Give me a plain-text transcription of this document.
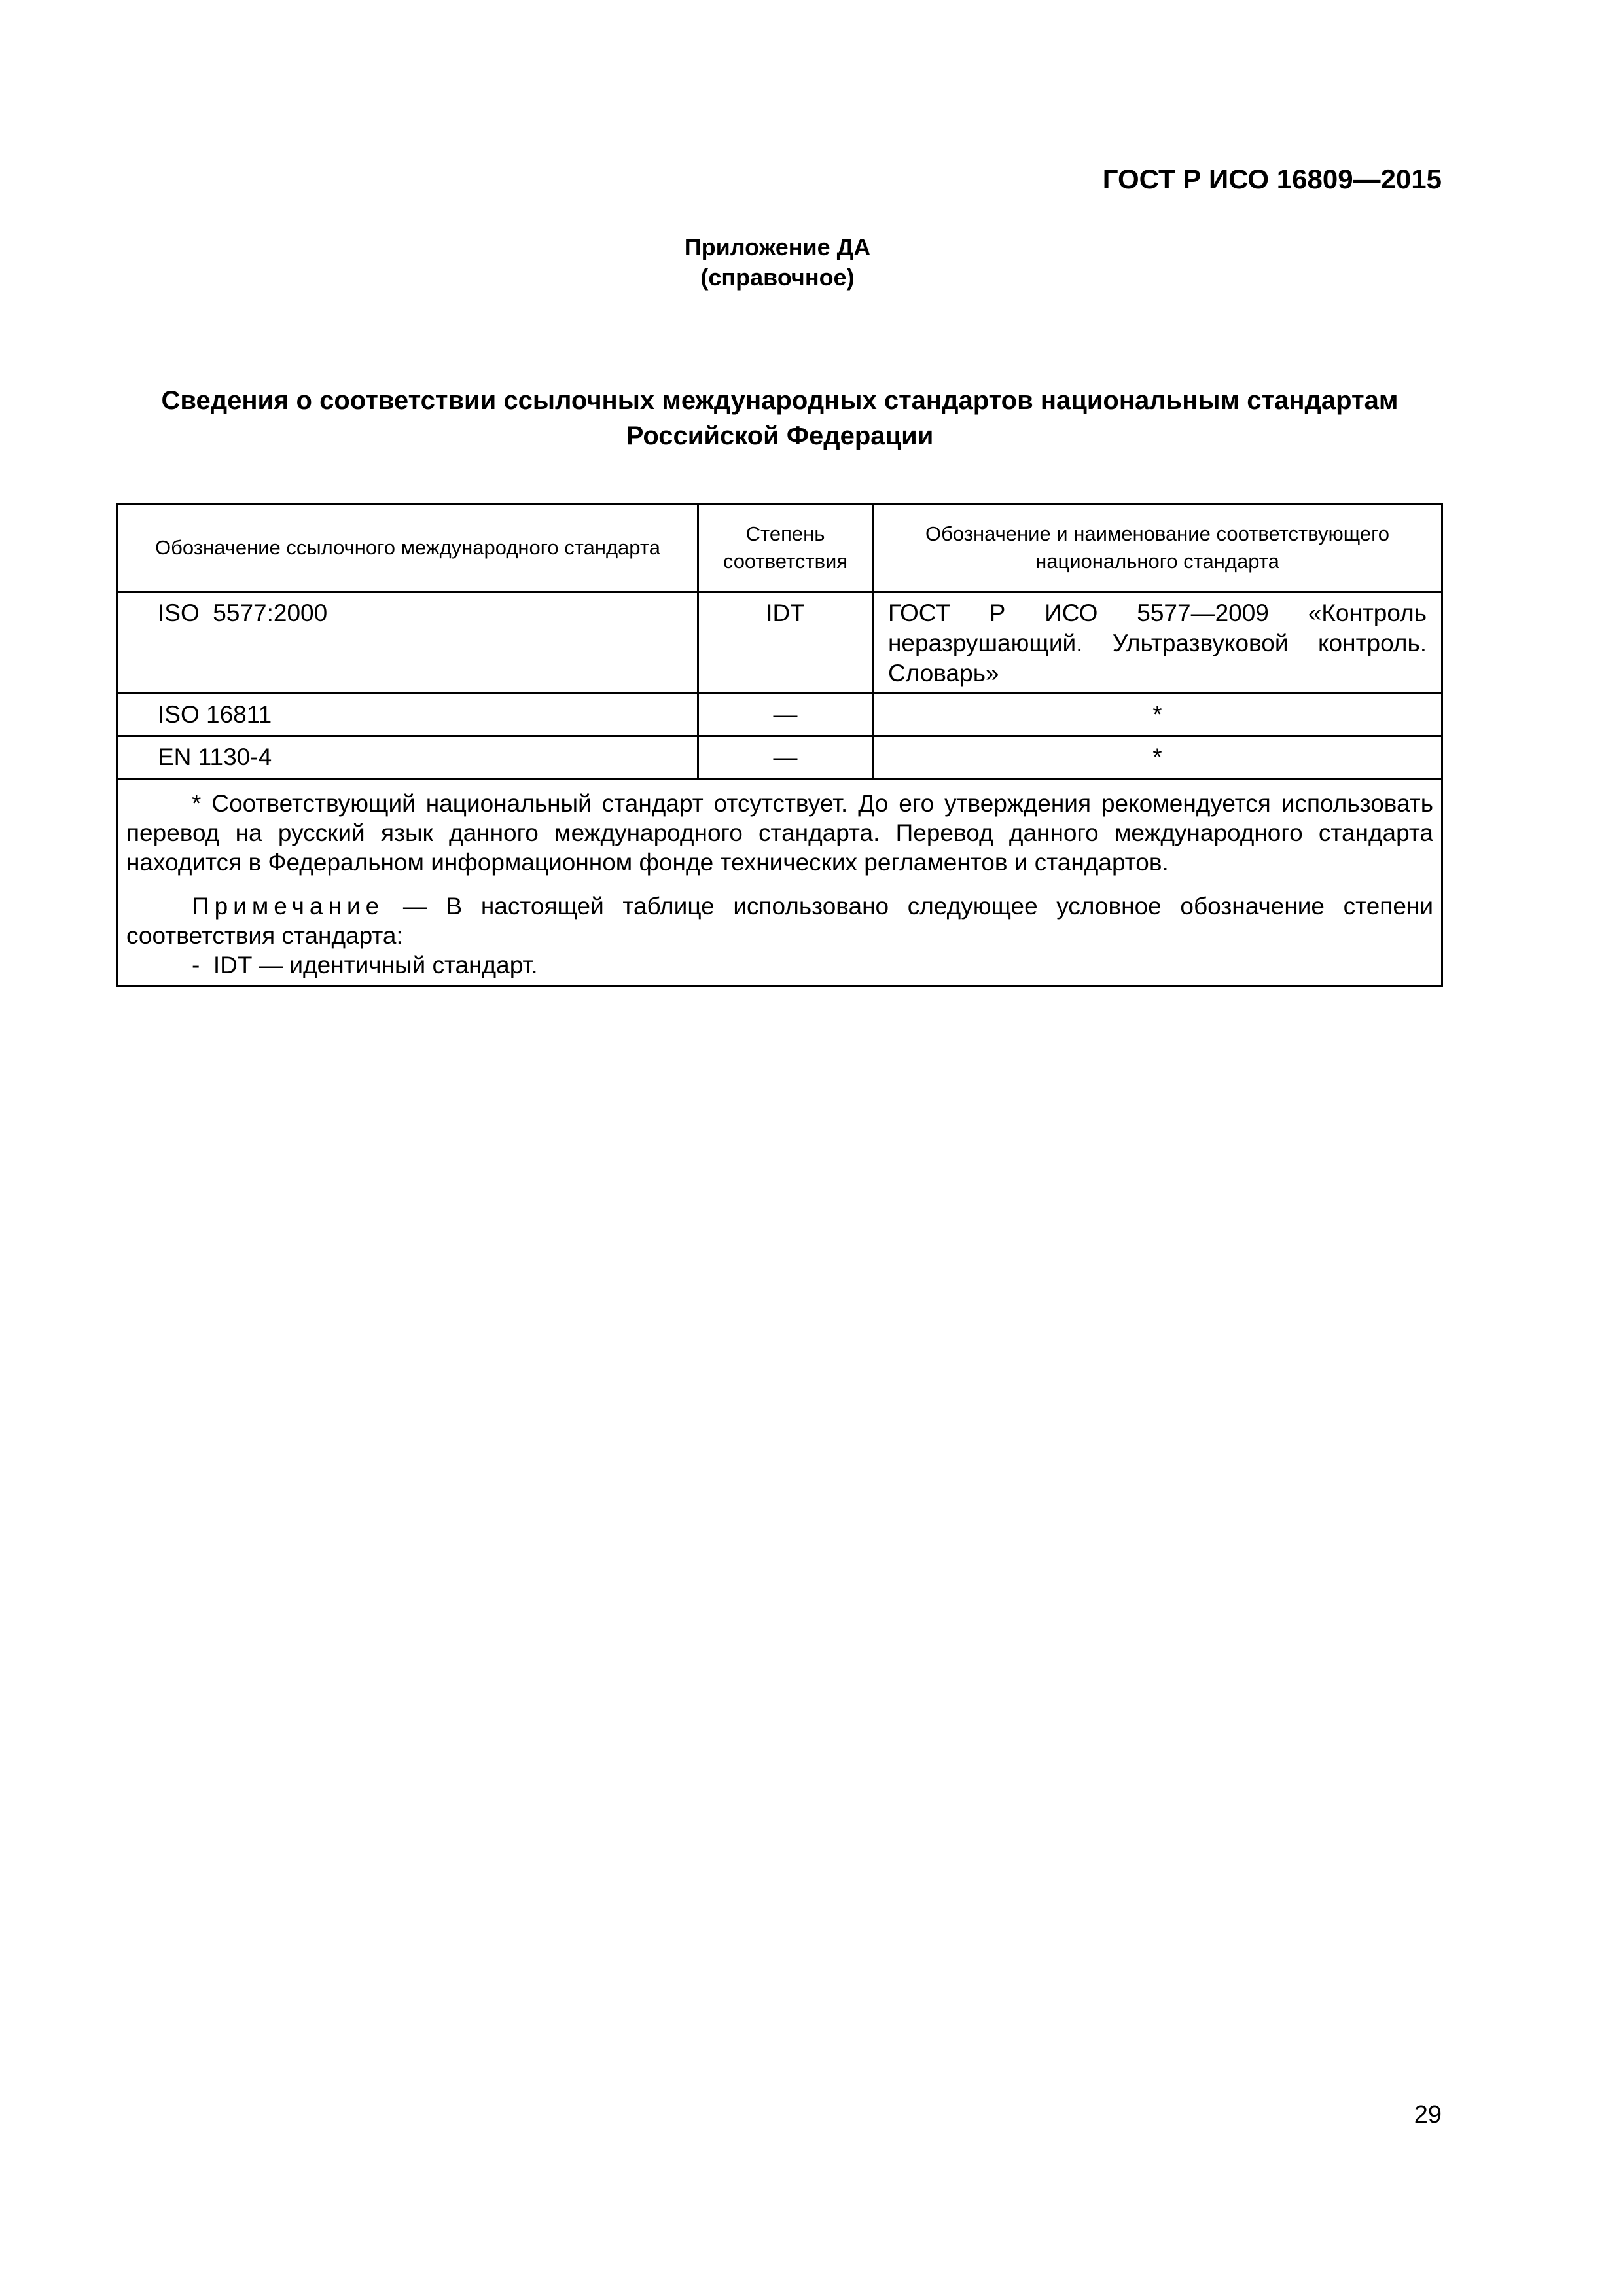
ГОСТ Р ИСО 16809—2015
Приложение ДА
(справочное)
Сведения о соответствии ссылочных международных стандартов национальным стандартам Российской Федерации
Обозначение ссылочного международного стандарта	Степень соответствия	Обозначение и наименование соответствующего национального стандарта
ISO  5577:2000	IDT	ГОСТ Р ИСО 5577—2009 «Контроль неразрушающий. Ультразвуковой контроль. Словарь»
ISO 16811	—	*
EN 1130-4	—	*

* Соответствующий национальный стандарт отсутствует. До его утверждения рекомендуется использовать перевод на русский язык данного международного стандарта. Перевод данного международного стандарта находится в Федеральном информационном фонде технических регламентов и стандартов.

Примечание — В настоящей таблице использовано следующее условное обозначение степени соответствия стандарта:

-  IDT — идентичный стандарт.		
29
